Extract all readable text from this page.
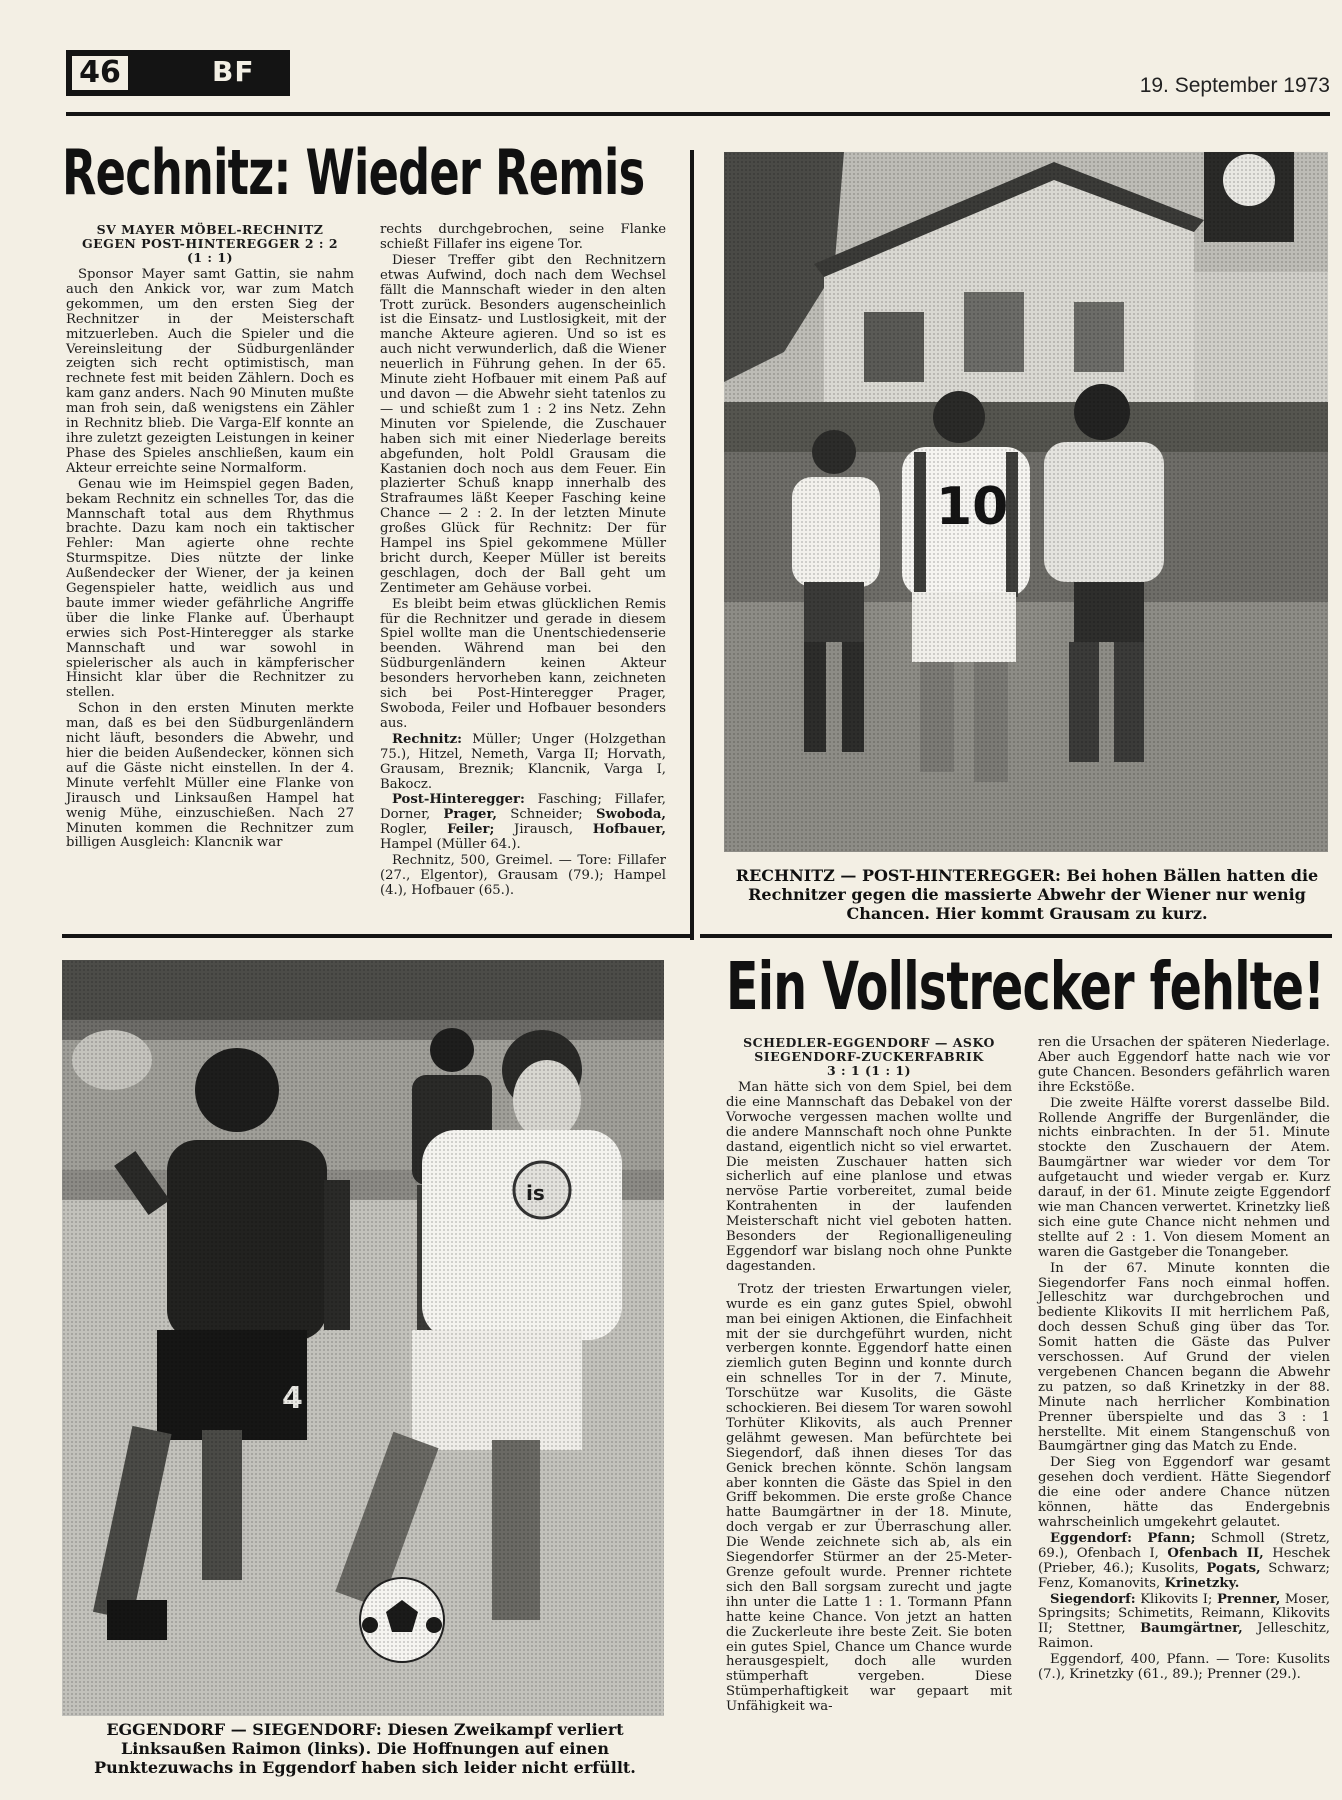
46	BF	19. September 1973
Rechnitz: Wieder Remis
SV MAYER MÖBEL-RECHNITZ
GEGEN POST-HINTEREGGER 2 : 2
(1 : 1)

Sponsor Mayer samt Gattin, sie nahm auch den Ankick vor, war zum Match gekommen, um den ersten Sieg der Rechnitzer in der Meisterschaft mitzuerleben. Auch die Spieler und die Vereinsleitung der Südburgenländer zeigten sich recht optimistisch, man rechnete fest mit beiden Zählern. Doch es kam ganz anders. Nach 90 Minuten mußte man froh sein, daß wenigstens ein Zähler in Rechnitz blieb. Die Varga-Elf konnte an ihre zuletzt gezeigten Leistungen in keiner Phase des Spieles anschließen, kaum ein Akteur erreichte seine Normalform.

Genau wie im Heimspiel gegen Baden, bekam Rechnitz ein schnelles Tor, das die Mannschaft total aus dem Rhythmus brachte. Dazu kam noch ein taktischer Fehler: Man agierte ohne rechte Sturmspitze. Dies nützte der linke Außendecker der Wiener, der ja keinen Gegenspieler hatte, weidlich aus und baute immer wieder gefährliche Angriffe über die linke Flanke auf. Überhaupt erwies sich Post-Hinteregger als starke Mannschaft und war sowohl in spielerischer als auch in kämpferischer Hinsicht klar über die Rechnitzer zu stellen.

Schon in den ersten Minuten merkte man, daß es bei den Südburgenländern nicht läuft, besonders die Abwehr, und hier die beiden Außendecker, können sich auf die Gäste nicht einstellen. In der 4. Minute verfehlt Müller eine Flanke von Jirausch und Linksaußen Hampel hat wenig Mühe, einzuschießen. Nach 27 Minuten kommen die Rechnitzer zum billigen Ausgleich: Klancnik war

rechts durchgebrochen, seine Flanke schießt Fillafer ins eigene Tor.

Dieser Treffer gibt den Rechnitzern etwas Aufwind, doch nach dem Wechsel fällt die Mannschaft wieder in den alten Trott zurück. Besonders augenscheinlich ist die Einsatz- und Lustlosigkeit, mit der manche Akteure agieren. Und so ist es auch nicht verwunderlich, daß die Wiener neuerlich in Führung gehen. In der 65. Minute zieht Hofbauer mit einem Paß auf und davon — die Abwehr sieht tatenlos zu — und schießt zum 1 : 2 ins Netz. Zehn Minuten vor Spielende, die Zuschauer haben sich mit einer Niederlage bereits abgefunden, holt Poldl Grausam die Kastanien doch noch aus dem Feuer. Ein plazierter Schuß knapp innerhalb des Strafraumes läßt Keeper Fasching keine Chance — 2 : 2. In der letzten Minute großes Glück für Rechnitz: Der für Hampel ins Spiel gekommene Müller bricht durch, Keeper Müller ist bereits geschlagen, doch der Ball geht um Zentimeter am Gehäuse vorbei.

Es bleibt beim etwas glücklichen Remis für die Rechnitzer und gerade in diesem Spiel wollte man die Unentschiedenserie beenden. Während man bei den Südburgenländern keinen Akteur besonders hervorheben kann, zeichneten sich bei Post-Hinteregger Prager, Swoboda, Feiler und Hofbauer besonders aus.

Rechnitz: Müller; Unger (Holzgethan 75.), Hitzel, Nemeth, Varga II; Horvath, Grausam, Breznik; Klancnik, Varga I, Bakocz.

Post-Hinteregger: Fasching; Fillafer, Dorner, Prager, Schneider; Swoboda, Rogler, Feiler; Jirausch, Hofbauer, Hampel (Müller 64.).

Rechnitz, 500, Greimel. — Tore: Fillafer (27., Elgentor), Grausam (79.); Hampel (4.), Hofbauer (65.).

RECHNITZ — POST-HINTEREGGER: Bei hohen Bällen hatten die Rechnitzer gegen die massierte Abwehr der Wiener nur wenig Chancen. Hier kommt Grausam zu kurz.
EGGENDORF — SIEGENDORF: Diesen Zweikampf verliert Linksaußen Raimon (links). Die Hoffnungen auf einen Punktezuwachs in Eggendorf haben sich leider nicht erfüllt.
Ein Vollstrecker fehlte!
SCHEDLER-EGGENDORF — ASKO
SIEGENDORF-ZUCKERFABRIK
3 : 1 (1 : 1)

Man hätte sich von dem Spiel, bei dem die eine Mannschaft das Debakel von der Vorwoche vergessen machen wollte und die andere Mannschaft noch ohne Punkte dastand, eigentlich nicht so viel erwartet. Die meisten Zuschauer hatten sich sicherlich auf eine planlose und etwas nervöse Partie vorbereitet, zumal beide Kontrahenten in der laufenden Meisterschaft nicht viel geboten hatten. Besonders der Regionalligeneuling Eggendorf war bislang noch ohne Punkte dagestanden.

Trotz der triesten Erwartungen vieler, wurde es ein ganz gutes Spiel, obwohl man bei einigen Aktionen, die Einfachheit mit der sie durchgeführt wurden, nicht verbergen konnte. Eggendorf hatte einen ziemlich guten Beginn und konnte durch ein schnelles Tor in der 7. Minute, Torschütze war Kusolits, die Gäste schockieren. Bei diesem Tor waren sowohl Torhüter Klikovits, als auch Prenner gelähmt gewesen. Man befürchtete bei Siegendorf, daß ihnen dieses Tor das Genick brechen könnte. Schön langsam aber konnten die Gäste das Spiel in den Griff bekommen. Die erste große Chance hatte Baumgärtner in der 18. Minute, doch vergab er zur Überraschung aller. Die Wende zeichnete sich ab, als ein Siegendorfer Stürmer an der 25-Meter-Grenze gefoult wurde. Prenner richtete sich den Ball sorgsam zurecht und jagte ihn unter die Latte 1 : 1. Tormann Pfann hatte keine Chance. Von jetzt an hatten die Zuckerleute ihre beste Zeit. Sie boten ein gutes Spiel, Chance um Chance wurde herausgespielt, doch alle wurden stümperhaft vergeben. Diese Stümperhaftigkeit war gepaart mit Unfähigkeit wa-

ren die Ursachen der späteren Niederlage. Aber auch Eggendorf hatte nach wie vor gute Chancen. Besonders gefährlich waren ihre Eckstöße.

Die zweite Hälfte vorerst dasselbe Bild. Rollende Angriffe der Burgenländer, die nichts einbrachten. In der 51. Minute stockte den Zuschauern der Atem. Baumgärtner war wieder vor dem Tor aufgetaucht und wieder vergab er. Kurz darauf, in der 61. Minute zeigte Eggendorf wie man Chancen verwertet. Krinetzky ließ sich eine gute Chance nicht nehmen und stellte auf 2 : 1. Von diesem Moment an waren die Gastgeber die Tonangeber.

In der 67. Minute konnten die Siegendorfer Fans noch einmal hoffen. Jelleschitz war durchgebrochen und bediente Klikovits II mit herrlichem Paß, doch dessen Schuß ging über das Tor. Somit hatten die Gäste das Pulver verschossen. Auf Grund der vielen vergebenen Chancen begann die Abwehr zu patzen, so daß Krinetzky in der 88. Minute nach herrlicher Kombination Prenner überspielte und das 3 : 1 herstellte. Mit einem Stangenschuß von Baumgärtner ging das Match zu Ende.

Der Sieg von Eggendorf war gesamt gesehen doch verdient. Hätte Siegendorf die eine oder andere Chance nützen können, hätte das Endergebnis wahrscheinlich umgekehrt gelautet.

Eggendorf: Pfann; Schmoll (Stretz, 69.), Ofenbach I, Ofenbach II, Heschek (Prieber, 46.); Kusolits, Pogats, Schwarz; Fenz, Komanovits, Krinetzky.

Siegendorf: Klikovits I; Prenner, Moser, Springsits; Schimetits, Reimann, Klikovits II; Stettner, Baumgärtner, Jelleschitz, Raimon.

Eggendorf, 400, Pfann. — Tore: Kusolits (7.), Krinetzky (61., 89.); Prenner (29.).
